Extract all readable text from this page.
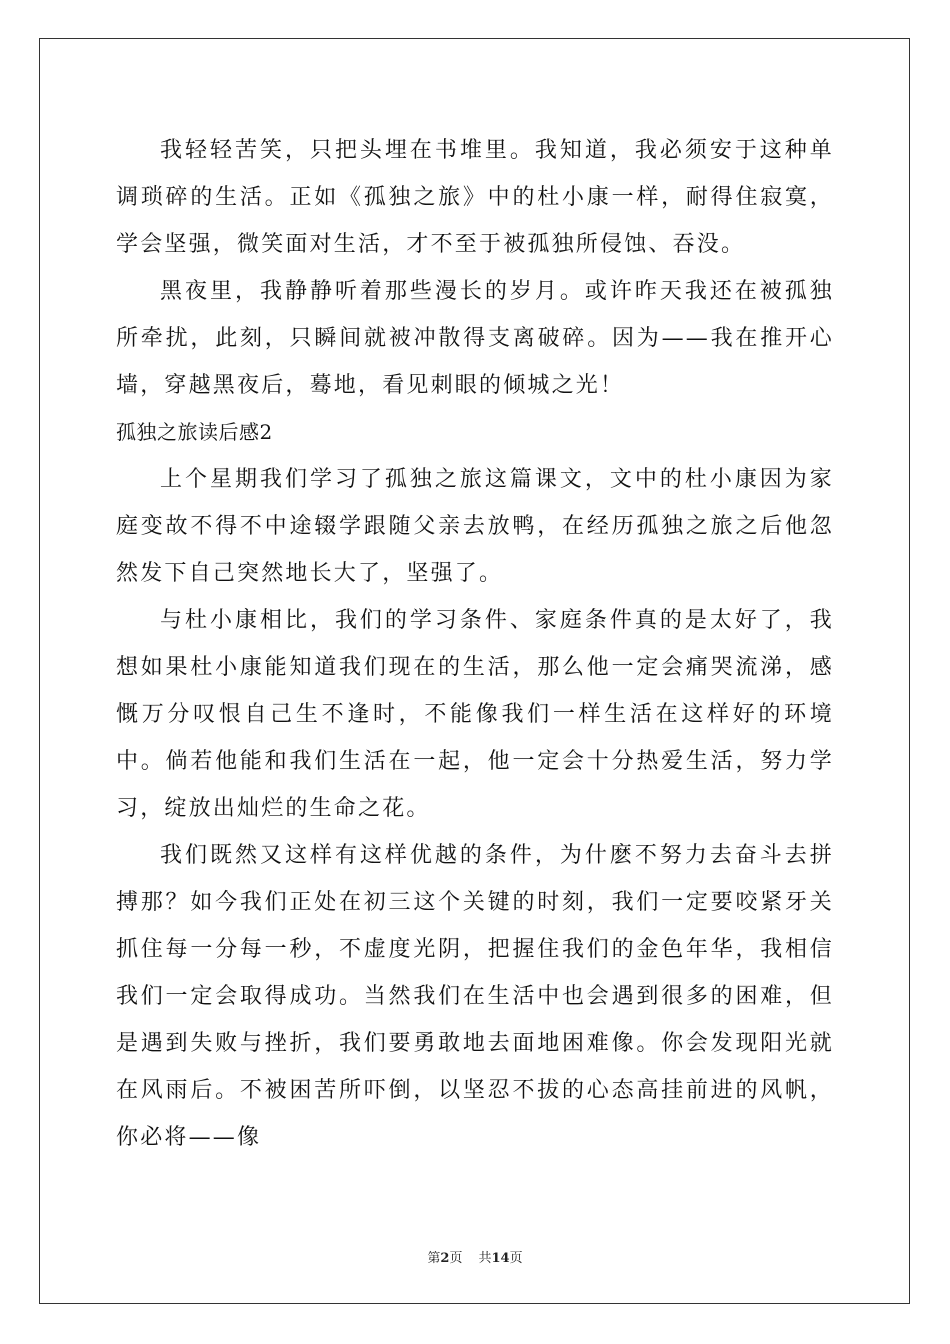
我轻轻苦笑，只把头埋在书堆里。我知道，我必须安于这种单调琐碎的生活。正如《孤独之旅》中的杜小康一样，耐得住寂寞，学会坚强，微笑面对生活，才不至于被孤独所侵蚀、吞没。

黑夜里，我静静听着那些漫长的岁月。或许昨天我还在被孤独所牵扰，此刻，只瞬间就被冲散得支离破碎。因为——我在推开心墙，穿越黑夜后，蓦地，看见刺眼的倾城之光！

孤独之旅读后感2

上个星期我们学习了孤独之旅这篇课文，文中的杜小康因为家庭变故不得不中途辍学跟随父亲去放鸭，在经历孤独之旅之后他忽然发下自己突然地长大了，坚强了。

与杜小康相比，我们的学习条件、家庭条件真的是太好了，我想如果杜小康能知道我们现在的生活，那么他一定会痛哭流涕，感慨万分叹恨自己生不逢时，不能像我们一样生活在这样好的环境中。倘若他能和我们生活在一起，他一定会十分热爱生活，努力学习，绽放出灿烂的生命之花。

我们既然又这样有这样优越的条件，为什麽不努力去奋斗去拼搏那？如今我们正处在初三这个关键的时刻，我们一定要咬紧牙关抓住每一分每一秒，不虚度光阴，把握住我们的金色年华，我相信我们一定会取得成功。当然我们在生活中也会遇到很多的困难，但是遇到失败与挫折，我们要勇敢地去面地困难像。你会发现阳光就在风雨后。不被困苦所吓倒，以坚忍不拔的心态高挂前进的风帆，你必将——像

第2页 共14页
